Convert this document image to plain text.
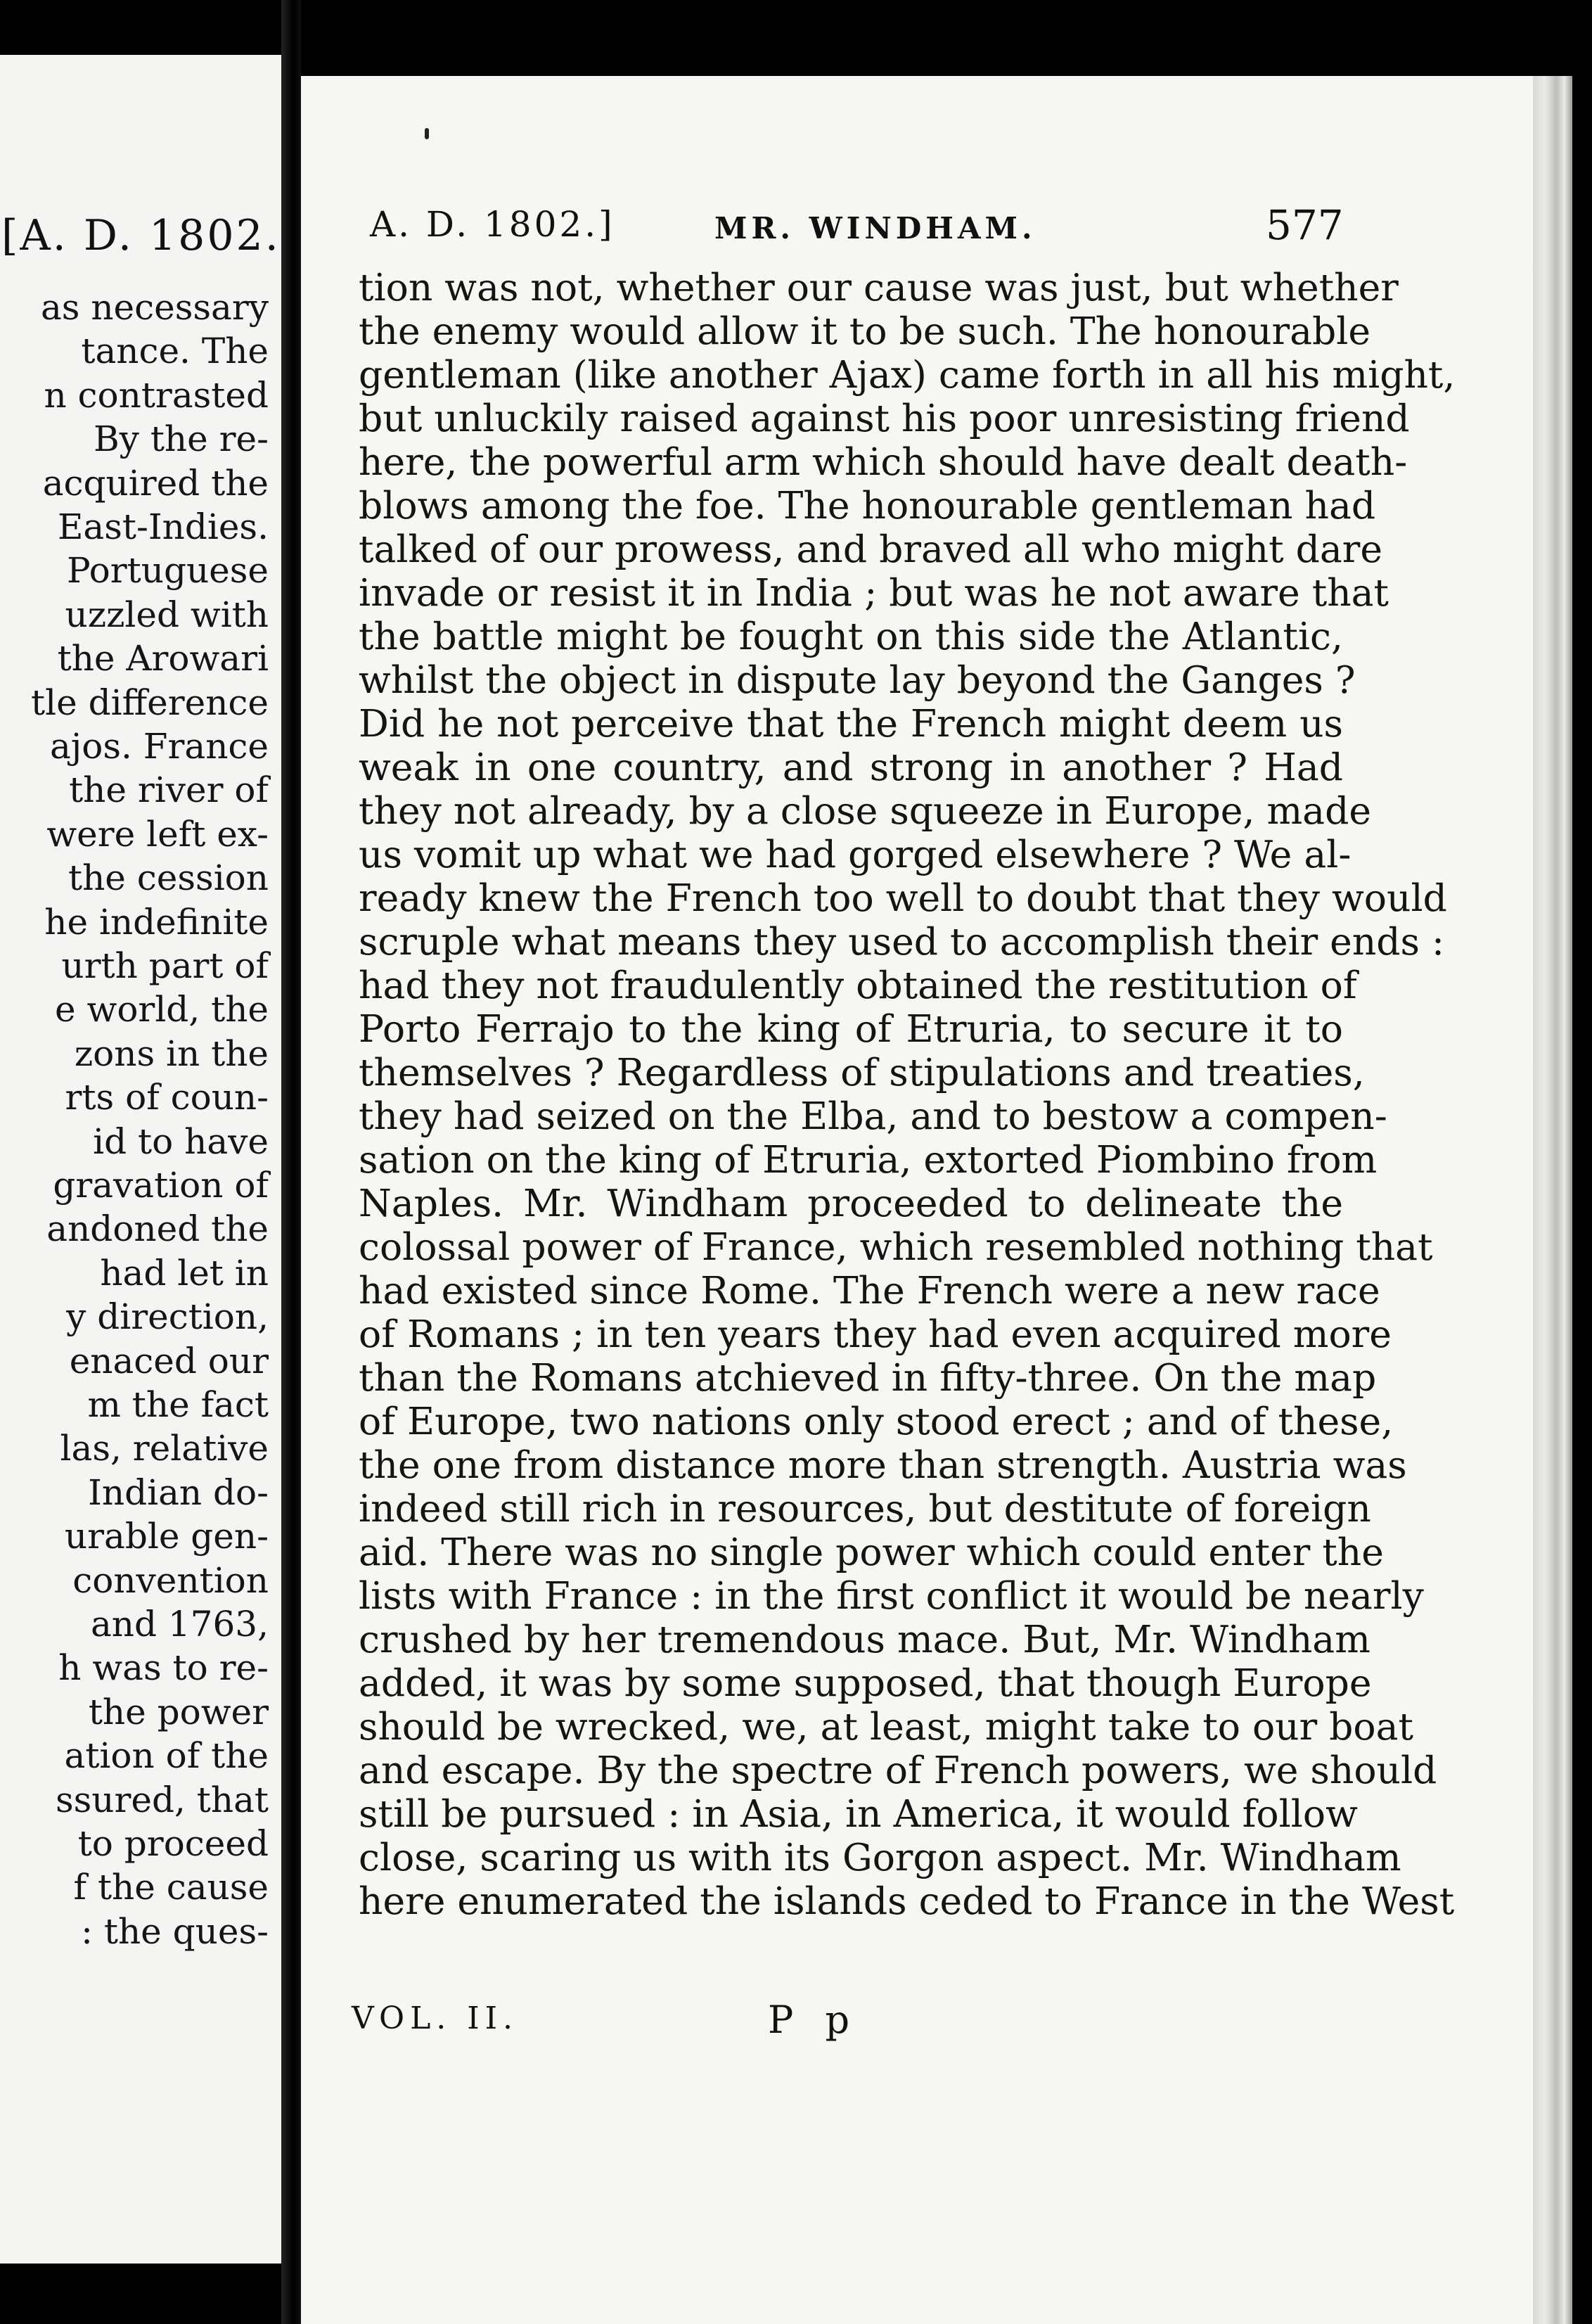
[A. D. 1802.
as necessary
tance. The
n contrasted
By the re-
acquired the
East-Indies.
Portuguese
uzzled with
the Arowari
tle difference
ajos. France
the river of
were left ex-
the cession
he indefinite
urth part of
e world, the
zons in the
rts of coun-
id to have
gravation of
andoned the
had let in
y direction,
enaced our
m the fact
las, relative
Indian do-
urable gen-
convention
and 1763,
h was to re-
the power
ation of the
ssured, that
to proceed
f the cause
: the ques-
A. D. 1802.]	MR. WINDHAM.	577
tion was not, whether our cause was just, but whether
the enemy would allow it to be such. The honourable
gentleman (like another Ajax) came forth in all his might,
but unluckily raised against his poor unresisting friend
here, the powerful arm which should have dealt death-
blows among the foe. The honourable gentleman had
talked of our prowess, and braved all who might dare
invade or resist it in India ; but was he not aware that
the battle might be fought on this side the Atlantic,
whilst the object in dispute lay beyond the Ganges ?
Did he not perceive that the French might deem us
weak in one country, and strong in another ? Had
they not already, by a close squeeze in Europe, made
us vomit up what we had gorged elsewhere ? We al-
ready knew the French too well to doubt that they would
scruple what means they used to accomplish their ends :
had they not fraudulently obtained the restitution of
Porto Ferrajo to the king of Etruria, to secure it to
themselves ? Regardless of stipulations and treaties,
they had seized on the Elba, and to bestow a compen-
sation on the king of Etruria, extorted Piombino from
Naples. Mr. Windham proceeded to delineate the
colossal power of France, which resembled nothing that
had existed since Rome. The French were a new race
of Romans ; in ten years they had even acquired more
than the Romans atchieved in fifty-three. On the map
of Europe, two nations only stood erect ; and of these,
the one from distance more than strength. Austria was
indeed still rich in resources, but destitute of foreign
aid. There was no single power which could enter the
lists with France : in the first conflict it would be nearly
crushed by her tremendous mace. But, Mr. Windham
added, it was by some supposed, that though Europe
should be wrecked, we, at least, might take to our boat
and escape. By the spectre of French powers, we should
still be pursued : in Asia, in America, it would follow
close, scaring us with its Gorgon aspect. Mr. Windham
here enumerated the islands ceded to France in the West
VOL. II.	P p
